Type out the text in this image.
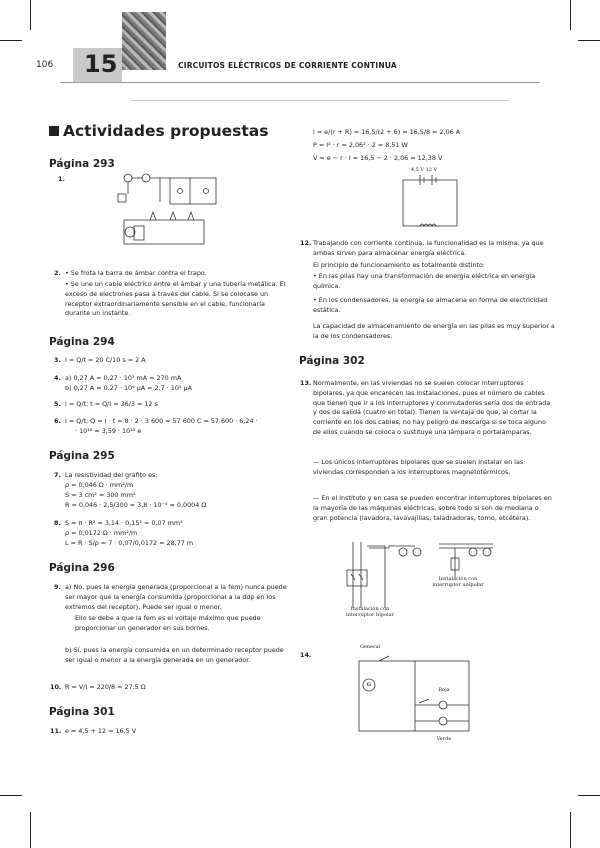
106 15	CIRCUITOS ELÉCTRICOS DE CORRIENTE CONTINUA
Actividades propuestas
Página 293
1.
2. • Se frota la barra de ámbar contra el trapo.
• Se une un cable eléctrico entre el ámbar y una tubería metálica. El exceso de electrones pasa a través del cable. Si se colocase un receptor extraordinariamente sensible en el cable, funcionaría durante un instante.
Página 294
3. I = Q/t = 20 C/10 s = 2 A
4. a) 0,27 A = 0,27 · 10³ mA = 270 mA
b) 0,27 A = 0,27 · 10⁶ μA = 2,7 · 10⁵ μA
5. I = Q/t; t = Q/I = 36/3 = 12 s
6. I = Q/t; Q = I · t = 8 · 2 · 3 600 = 57 600 C = 57.600 · 6,24 ·
· 10¹⁸ = 3,59 · 10²³ e
Página 295
7. La resistividad del grafito es:
ρ = 0,046 Ω · mm²/m
S = 3 cm² = 300 mm²
R = 0,046 · 2,5/300 = 3,8 · 10⁻⁴ ≈ 0,0004 Ω
8. S = π · R² = 3,14 · 0,15² = 0,07 mm²
ρ = 0,0172 Ω · mm²/m
L = R · S/ρ = 7 · 0,07/0,0172 = 28,77 m
Página 296
9. a) No, pues la energía generada (proporcional a la fem) nunca puede ser mayor que la energía consumida (proporcional a la ddp en los extremos del receptor). Puede ser igual o menor.
Ello se debe a que la fem es el voltaje máximo que puede proporcionar un generador en sus bornes.
b) Sí, pues la energía consumida en un determinado receptor puede ser igual o menor a la energía generada en un generador.
10. R = V/I = 220/8 = 27,5 Ω
Página 301
11. e = 4,5 + 12 = 16,5 V
I = e/(r + R) = 16,5/(2 + 6) = 16,5/8 = 2,06 A
P = I² · r = 2,06² · 2 = 8,51 W
V = e − r · I = 16,5 − 2 · 2,06 = 12,38 V
4,5 V 12 V
12. Trabajando con corriente continua, la funcionalidad es la misma, ya que ambas sirven para almacenar energía eléctrica.
El principio de funcionamiento es totalmente distinto:
• En las pilas hay una transformación de energía eléctrica en energía química.
• En los condensadores, la energía se almacena en forma de electricidad estática.
La capacidad de almacenamiento de energía en las pilas es muy superior a la de los condensadores.
Página 302
13. Normalmente, en las viviendas no se suelen colocar interruptores bipolares, ya que encarecen las instalaciones, pues el número de cables que tienen que ir a los interruptores y conmutadores sería dos de entrada y dos de salida (cuatro en total). Tienen la ventaja de que, al cortar la corriente en los dos cables, no hay peligro de descarga si se toca alguno de ellos cuando se coloca o sustituye una lámpara o portalámparas.
— Los únicos interruptores bipolares que se suelen instalar en las viviendas corresponden a los interruptores magnetotérmicos.
— En el instituto y en casa se pueden encontrar interruptores bipolares en la mayoría de las máquinas eléctricas, sobre todo si son de mediana o gran potencia (lavadora, lavavajillas, taladradoras, torno, etcétera).
Instalación con interruptor unipolar
Instalación con interruptor bipolar
14.
General
G
Roja
Verde
